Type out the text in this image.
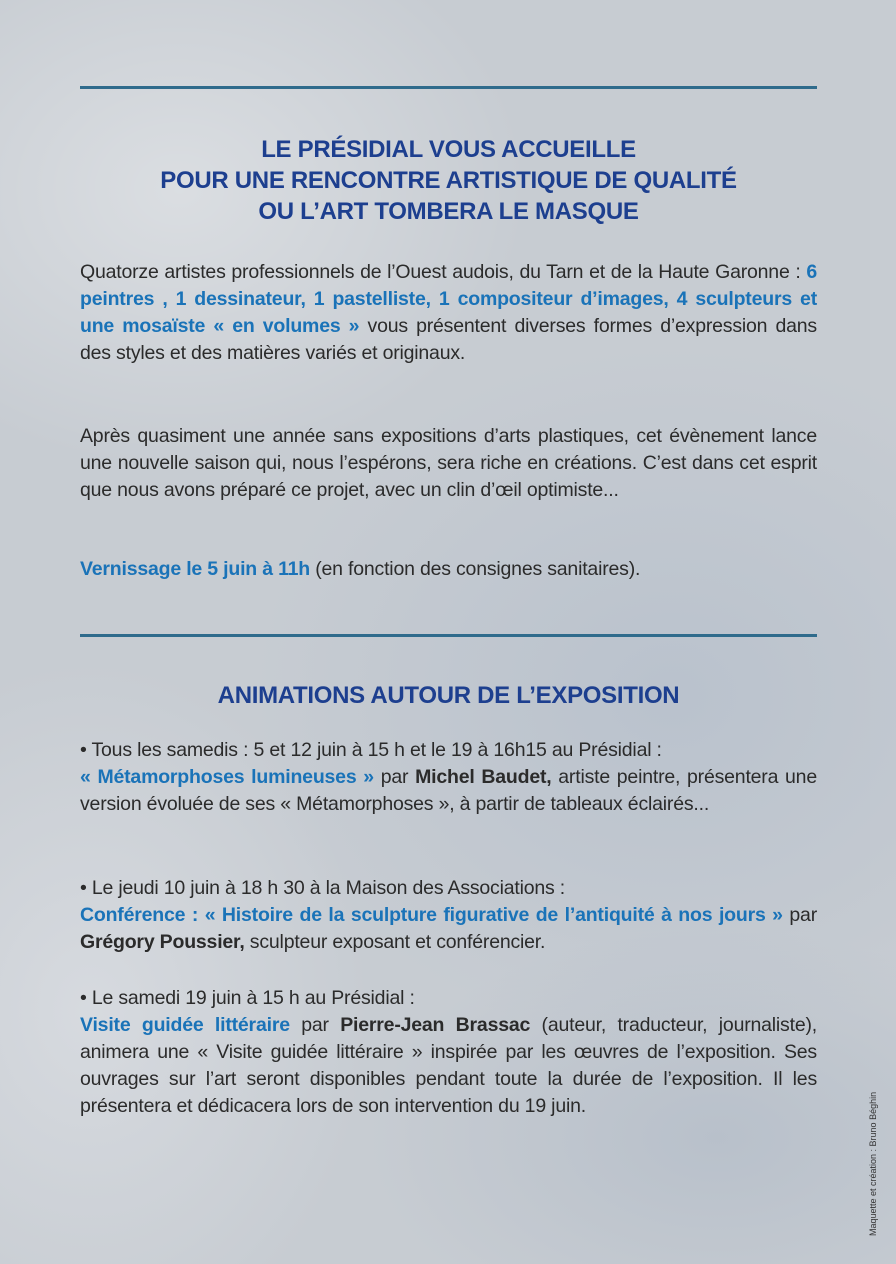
LE PRÉSIDIAL VOUS ACCUEILLE
POUR UNE RENCONTRE ARTISTIQUE DE QUALITÉ
OU L’ART TOMBERA LE MASQUE

Quatorze artistes professionnels de l’Ouest audois, du Tarn et de la Haute Garonne : 6 peintres , 1 dessinateur, 1 pastelliste, 1 compositeur d’images, 4 sculpteurs et une mosaïste « en volumes » vous présentent diverses formes d’expression dans des styles et des matières variés et originaux.

Après quasiment une année sans expositions d’arts plastiques, cet évènement lance une nouvelle saison qui, nous l’espérons, sera riche en créations. C’est dans cet esprit que nous avons préparé ce projet, avec un clin d’œil optimiste...

Vernissage le 5 juin à 11h (en fonction des consignes sanitaires).

ANIMATIONS AUTOUR DE L’EXPOSITION

• Tous les samedis : 5 et 12 juin à 15 h et le 19 à 16h15 au Présidial :
« Métamorphoses lumineuses » par Michel Baudet, artiste peintre, présentera une version évoluée de ses « Métamorphoses », à partir de tableaux éclairés...

• Le jeudi 10 juin à 18 h 30 à la Maison des Associations :
Conférence : « Histoire de la sculpture figurative de l’antiquité à nos jours » par Grégory Poussier, sculpteur exposant et conférencier.

• Le samedi 19 juin à 15 h au Présidial :
Visite guidée littéraire par Pierre-Jean Brassac (auteur, traducteur, journaliste), animera une « Visite guidée littéraire » inspirée par les œuvres de l’exposition. Ses ouvrages sur l’art seront disponibles pendant toute la durée de l’exposition. Il les présentera et dédicacera lors de son intervention du 19 juin.	Maquette et création : Bruno Béghin
